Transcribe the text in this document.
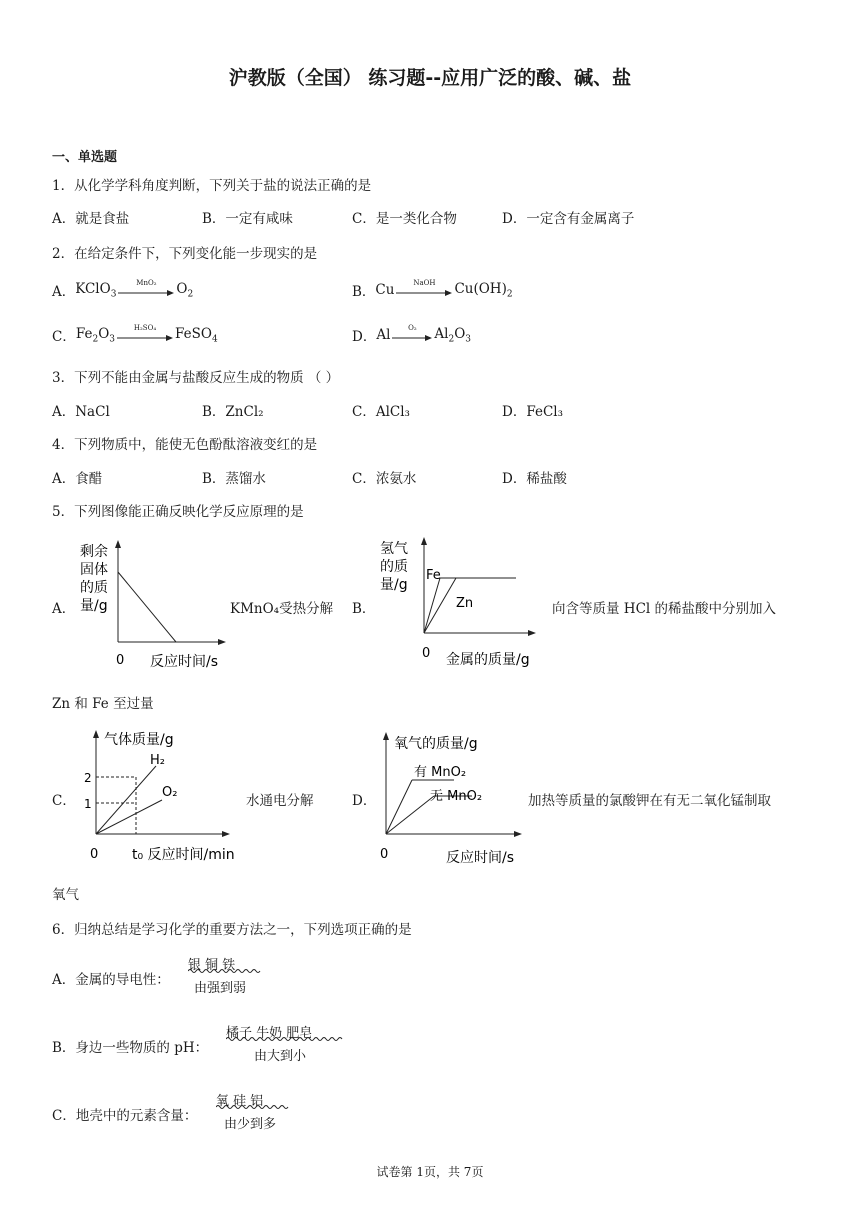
沪教版（全国） 练习题--应用广泛的酸、碱、盐
一、单选题
1．从化学学科角度判断，下列关于盐的说法正确的是
A．就是食盐	B．一定有咸味	C．是一类化合物	D．一定含有金属离子
2．在给定条件下，下列变化能一步现实的是
A． KClO$_3$
MnO₂	$O_2$	B． Cu	NaOH	$Cu(OH)_2$
C． $Fe_2O_3$
H₂SO₄	FeSO$_4$	D． Al	O₂	$Al_2O_3$
3．下列不能由金属与盐酸反应生成的物质 （ ）
A．NaCl	B．ZnCl₂	C．AlCl₃	D．FeCl₃
4．下列物质中，能使无色酚酞溶液变红的是
A．食醋	B．蒸馏水	C．浓氨水	D．稀盐酸
5．下列图像能正确反映化学反应原理的是
A．
剩余
固体
的质
量/g
0 反应时间/s
KMnO₄受热分解 B．
氢气
的质
量/g
Fe
Zn
0 金属的质量/g
向含等质量 HCl 的稀盐酸中分别加入
Zn 和 Fe 至过量
C．
气体质量/g
2
1
H₂
O₂
0 t₀ 反应时间/min
水通电分解	D．
氧气的质量/g
有 MnO₂
无 MnO₂
0	反应时间/s
加热等质量的氯酸钾在有无二氧化锰制取
氧气
6．归纳总结是学习化学的重要方法之一，下列选项正确的是
A．金属的导电性：
银 铜 铁
由强到弱
B．身边一些物质的 pH：
橘子 牛奶 肥皂
由大到小
C．地壳中的元素含量：
氧 硅 铝
由少到多
试卷第 1页，共 7页
